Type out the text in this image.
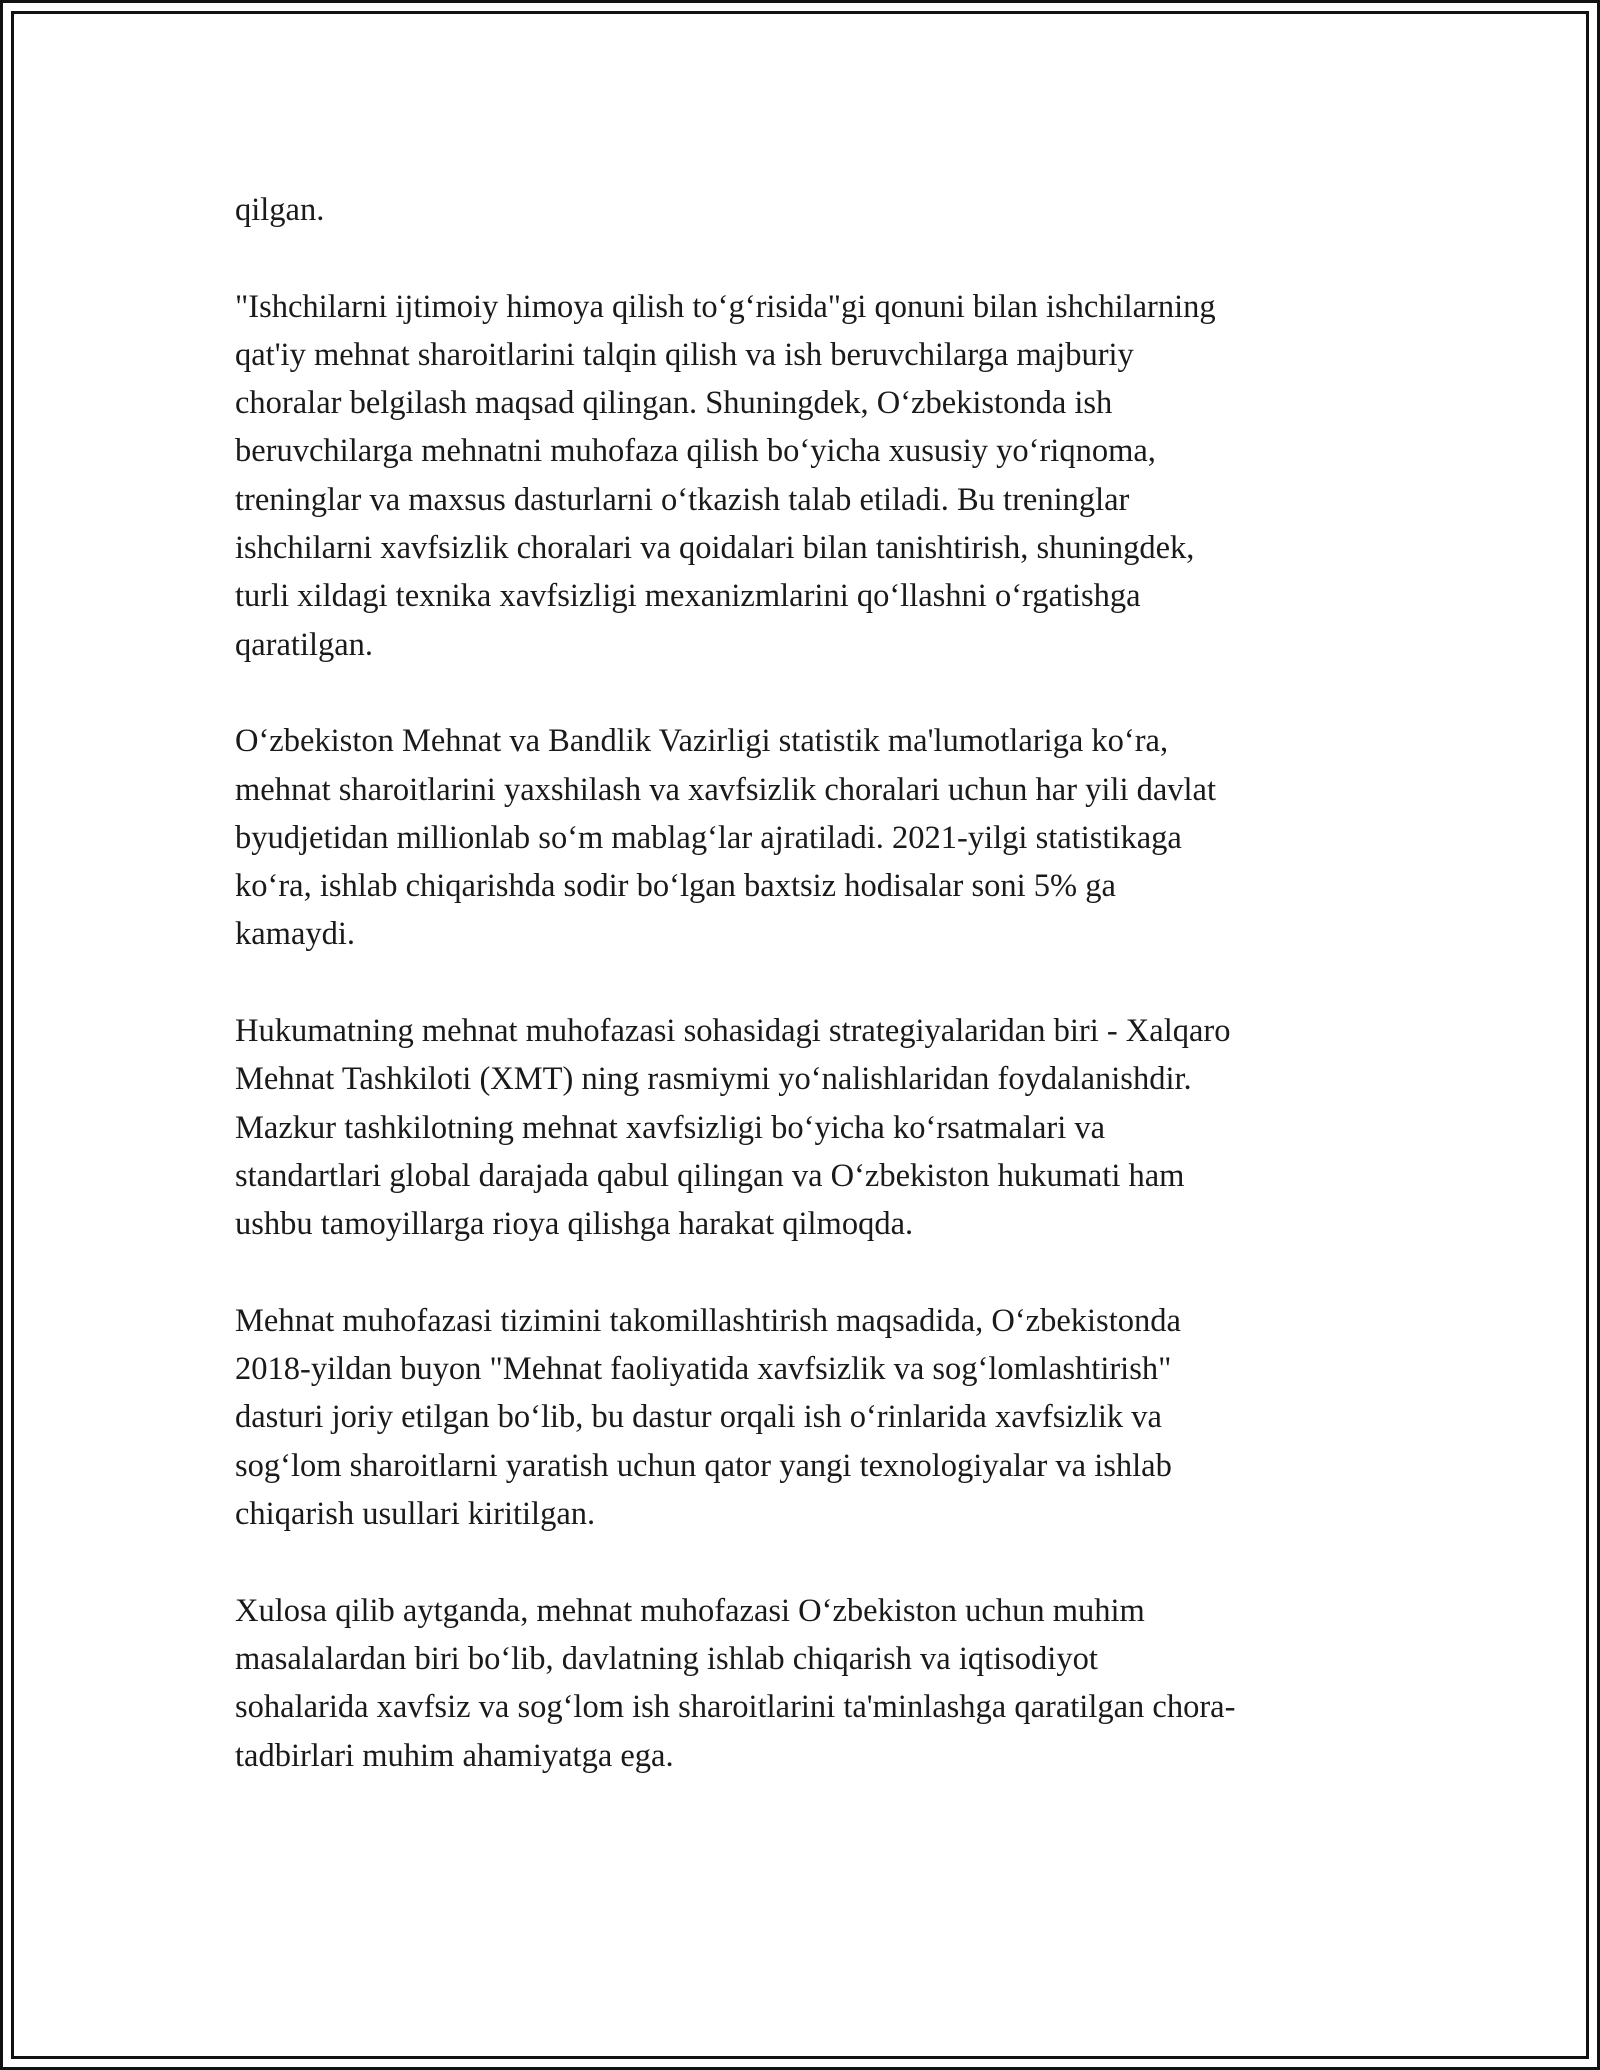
qilgan.

"Ishchilarni ijtimoiy himoya qilish to‘g‘risida"gi qonuni bilan ishchilarning
qat'iy mehnat sharoitlarini talqin qilish va ish beruvchilarga majburiy
choralar belgilash maqsad qilingan. Shuningdek, O‘zbekistonda ish
beruvchilarga mehnatni muhofaza qilish bo‘yicha xususiy yo‘riqnoma,
treninglar va maxsus dasturlarni o‘tkazish talab etiladi. Bu treninglar
ishchilarni xavfsizlik choralari va qoidalari bilan tanishtirish, shuningdek,
turli xildagi texnika xavfsizligi mexanizmlarini qo‘llashni o‘rgatishga
qaratilgan.

O‘zbekiston Mehnat va Bandlik Vazirligi statistik ma'lumotlariga ko‘ra,
mehnat sharoitlarini yaxshilash va xavfsizlik choralari uchun har yili davlat
byudjetidan millionlab so‘m mablag‘lar ajratiladi. 2021-yilgi statistikaga
ko‘ra, ishlab chiqarishda sodir bo‘lgan baxtsiz hodisalar soni 5% ga
kamaydi.

Hukumatning mehnat muhofazasi sohasidagi strategiyalaridan biri - Xalqaro
Mehnat Tashkiloti (XMT) ning rasmiymi yo‘nalishlaridan foydalanishdir.
Mazkur tashkilotning mehnat xavfsizligi bo‘yicha ko‘rsatmalari va
standartlari global darajada qabul qilingan va O‘zbekiston hukumati ham
ushbu tamoyillarga rioya qilishga harakat qilmoqda.

Mehnat muhofazasi tizimini takomillashtirish maqsadida, O‘zbekistonda
2018-yildan buyon "Mehnat faoliyatida xavfsizlik va sog‘lomlashtirish"
dasturi joriy etilgan bo‘lib, bu dastur orqali ish o‘rinlarida xavfsizlik va
sog‘lom sharoitlarni yaratish uchun qator yangi texnologiyalar va ishlab
chiqarish usullari kiritilgan.

Xulosa qilib aytganda, mehnat muhofazasi O‘zbekiston uchun muhim
masalalardan biri bo‘lib, davlatning ishlab chiqarish va iqtisodiyot
sohalarida xavfsiz va sog‘lom ish sharoitlarini ta'minlashga qaratilgan chora-
tadbirlari muhim ahamiyatga ega.
